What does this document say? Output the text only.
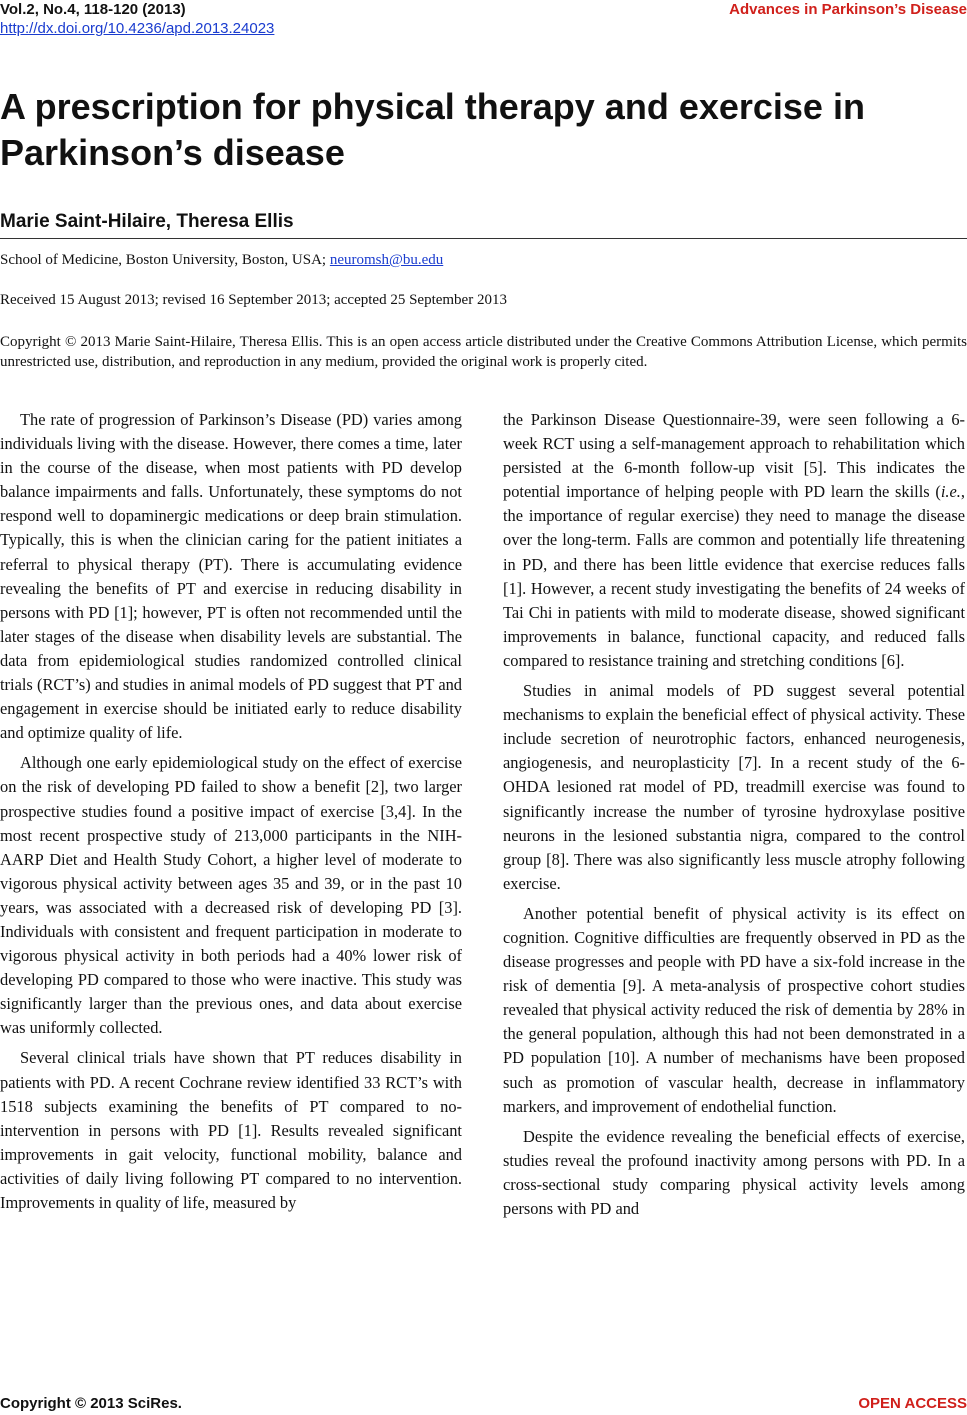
Vol.2, No.4, 118-120 (2013)
http://dx.doi.org/10.4236/apd.2013.24023
Advances in Parkinson’s Disease
A prescription for physical therapy and exercise in Parkinson’s disease
Marie Saint-Hilaire, Theresa Ellis
School of Medicine, Boston University, Boston, USA; neuromsh@bu.edu
Received 15 August 2013; revised 16 September 2013; accepted 25 September 2013
Copyright © 2013 Marie Saint-Hilaire, Theresa Ellis. This is an open access article distributed under the Creative Commons Attribution License, which permits unrestricted use, distribution, and reproduction in any medium, provided the original work is properly cited.

The rate of progression of Parkinson’s Disease (PD) varies among individuals living with the disease. However, there comes a time, later in the course of the disease, when most patients with PD develop balance impairments and falls. Unfortunately, these symptoms do not respond well to dopaminergic medications or deep brain stimulation. Typically, this is when the clinician caring for the patient initiates a referral to physical therapy (PT). There is accumulating evidence revealing the benefits of PT and exercise in reducing disability in persons with PD [1]; however, PT is often not recommended until the later stages of the disease when disability levels are substantial. The data from epidemiological studies randomized controlled clinical trials (RCT’s) and studies in animal models of PD suggest that PT and engagement in exercise should be initiated early to reduce disability and optimize quality of life.

Although one early epidemiological study on the effect of exercise on the risk of developing PD failed to show a benefit [2], two larger prospective studies found a positive impact of exercise [3,4]. In the most recent prospective study of 213,000 participants in the NIH-AARP Diet and Health Study Cohort, a higher level of moderate to vigorous physical activity between ages 35 and 39, or in the past 10 years, was associated with a decreased risk of developing PD [3]. Individuals with consistent and frequent participation in moderate to vigorous physical activity in both periods had a 40% lower risk of developing PD compared to those who were inactive. This study was significantly larger than the previous ones, and data about exercise was uniformly collected.

Several clinical trials have shown that PT reduces disability in patients with PD. A recent Cochrane review identified 33 RCT’s with 1518 subjects examining the benefits of PT compared to no-intervention in persons with PD [1]. Results revealed significant improvements in gait velocity, functional mobility, balance and activities of daily living following PT compared to no intervention. Improvements in quality of life, measured by

the Parkinson Disease Questionnaire-39, were seen following a 6-week RCT using a self-management approach to rehabilitation which persisted at the 6-month follow-up visit [5]. This indicates the potential importance of helping people with PD learn the skills (i.e., the importance of regular exercise) they need to manage the disease over the long-term. Falls are common and potentially life threatening in PD, and there has been little evidence that exercise reduces falls [1]. However, a recent study investigating the benefits of 24 weeks of Tai Chi in patients with mild to moderate disease, showed significant improvements in balance, functional capacity, and reduced falls compared to resistance training and stretching conditions [6].

Studies in animal models of PD suggest several potential mechanisms to explain the beneficial effect of physical activity. These include secretion of neurotrophic factors, enhanced neurogenesis, angiogenesis, and neuroplasticity [7]. In a recent study of the 6-OHDA lesioned rat model of PD, treadmill exercise was found to significantly increase the number of tyrosine hydroxylase positive neurons in the lesioned substantia nigra, compared to the control group [8]. There was also significantly less muscle atrophy following exercise.

Another potential benefit of physical activity is its effect on cognition. Cognitive difficulties are frequently observed in PD as the disease progresses and people with PD have a six-fold increase in the risk of dementia [9]. A meta-analysis of prospective cohort studies revealed that physical activity reduced the risk of dementia by 28% in the general population, although this had not been demonstrated in a PD population [10]. A number of mechanisms have been proposed such as promotion of vascular health, decrease in inflammatory markers, and improvement of endothelial function.

Despite the evidence revealing the beneficial effects of exercise, studies reveal the profound inactivity among persons with PD. In a cross-sectional study comparing physical activity levels among persons with PD and

Copyright © 2013 SciRes.	OPEN ACCESS
